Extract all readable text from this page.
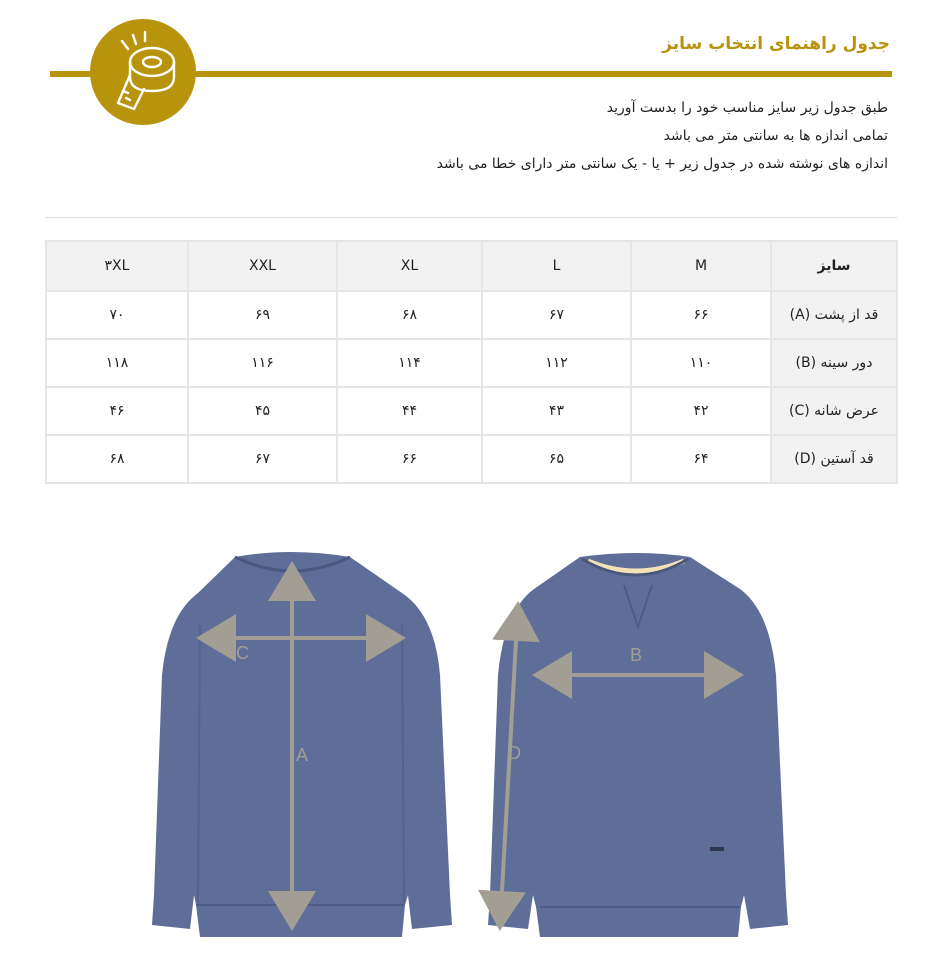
جدول راهنمای انتخاب سایز
طبق جدول زیر سایز مناسب خود را بدست آورید
تمامی اندازه ها به سانتی متر می باشد
اندازه های نوشته شده در جدول زیر + یا - یک سانتی متر دارای خطا می باشد
سایز	M	L	XL	XXL	۳XL
قد از پشت (A)	۶۶	۶۷	۶۸	۶۹	۷۰
دور سینه (B)	۱۱۰	۱۱۲	۱۱۴	۱۱۶	۱۱۸
عرض شانه (C)	۴۲	۴۳	۴۴	۴۵	۴۶
قد آستین (D)	۶۴	۶۵	۶۶	۶۷	۶۸
C
A
B
D
